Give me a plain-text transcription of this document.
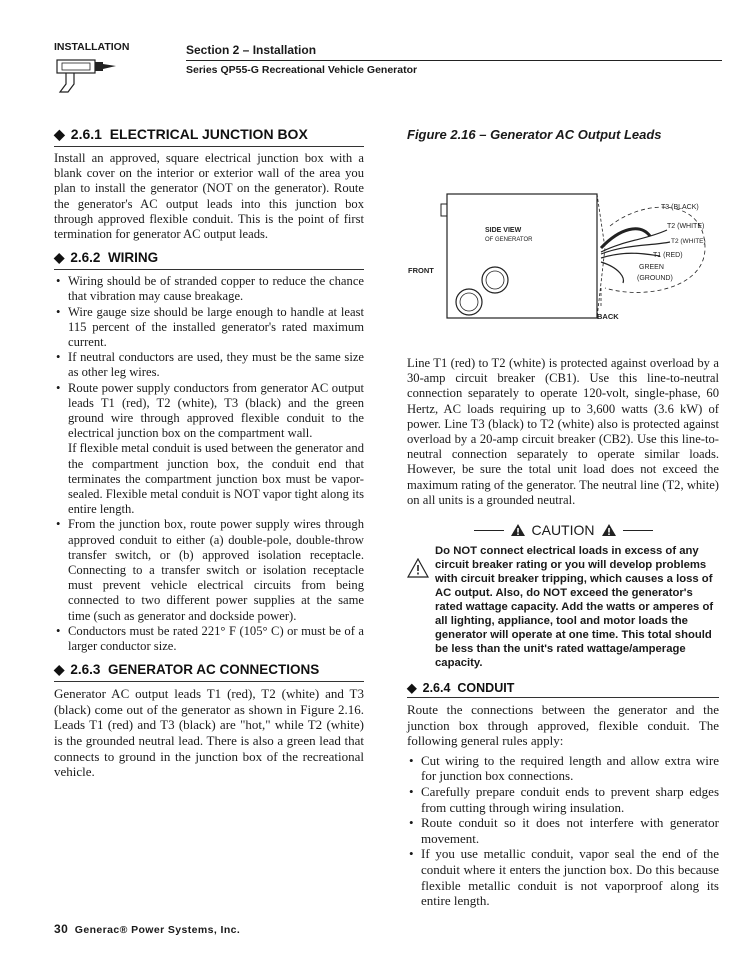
INSTALLATION	Section 2 – Installation
Series QP55-G Recreational Vehicle Generator
◆ 2.6.1 ELECTRICAL JUNCTION BOX
Install an approved, square electrical junction box with a blank cover on the interior or exterior wall of the area you plan to install the generator (NOT on the generator). Route the generator's AC output leads into this junction box through approved flexible conduit. This is the point of first termination for generator AC output leads.
◆ 2.6.2 WIRING
• Wiring should be of stranded copper to reduce the chance that vibration may cause breakage.
• Wire gauge size should be large enough to handle at least 115 percent of the installed generator's rated maximum current.
• If neutral conductors are used, they must be the same size as other leg wires.
• Route power supply conductors from generator AC output leads T1 (red), T2 (white), T3 (black) and the green ground wire through approved flexible conduit to the electrical junction box on the compartment wall.

If flexible metal conduit is used between the generator and the compartment junction box, the conduit end that terminates the compartment junction box must be vapor-sealed. Flexible metal conduit is NOT vapor tight along its entire length.

• From the junction box, route power supply wires through approved conduit to either (a) double-pole, double-throw transfer switch, or (b) approved isolation receptacle. Connecting to a transfer switch or isolation receptacle must prevent vehicle electrical circuits from being connected to two different power supplies at the same time (such as generator and dockside power).
• Conductors must be rated 221° F (105° C) or must be of a larger conductor size.
◆ 2.6.3 GENERATOR AC CONNECTIONS
Generator AC output leads T1 (red), T2 (white) and T3 (black) come out of the generator as shown in Figure 2.16. Leads T1 (red) and T3 (black) are "hot," while T2 (white) is the grounded neutral lead. There is also a green lead that connects to ground in the junction box of the recreational vehicle.
Figure 2.16 – Generator AC Output Leads
SIDE VIEW
OF GENERATOR
FRONT
BACK
T3 (BLACK)
T2 (WHITE)
T2 (WHITE)
T1 (RED)
GREEN
(GROUND)
Line T1 (red) to T2 (white) is protected against overload by a 30-amp circuit breaker (CB1). Use this line-to-neutral connection separately to operate 120-volt, single-phase, 60 Hertz, AC loads requiring up to 3,600 watts (3.6 kW) of power. Line T3 (black) to T2 (white) also is protected against overload by a 20-amp circuit breaker (CB2). Use this line-to-neutral connection separately to operate similar loads. However, be sure the total unit load does not exceed the maximum rating of the generator. The neutral line (T2, white) on all units is a grounded neutral.
CAUTION
Do NOT connect electrical loads in excess of any circuit breaker rating or you will develop problems with circuit breaker tripping, which causes a loss of AC output. Also, do NOT exceed the generator's rated wattage capacity. Add the watts or amperes of all lighting, appliance, tool and motor loads the generator will operate at one time. This total should be less than the unit's rated wattage/amperage capacity.
◆ 2.6.4 CONDUIT
Route the connections between the generator and the junction box through approved, flexible conduit. The following general rules apply:
• Cut wiring to the required length and allow extra wire for junction box connections.
• Carefully prepare conduit ends to prevent sharp edges from cutting through wiring insulation.
• Route conduit so it does not interfere with generator movement.
• If you use metallic conduit, vapor seal the end of the conduit where it enters the junction box. Do this because flexible metallic conduit is not vaporproof along its entire length.
30 Generac® Power Systems, Inc.
